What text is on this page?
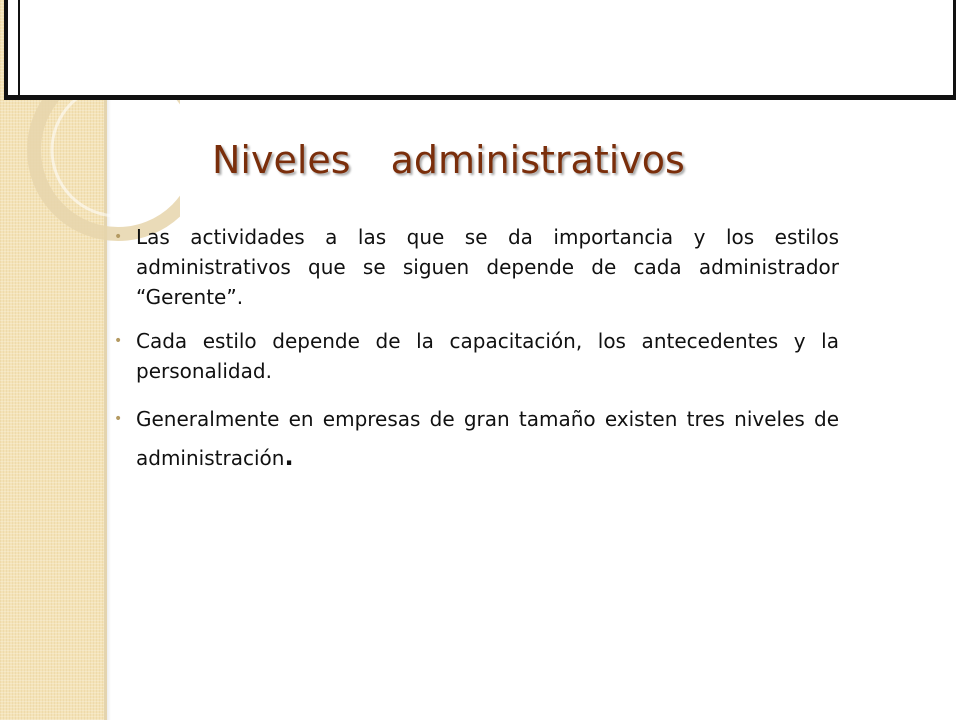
Niveles administrativos
• Las actividades a las que se da importancia y los estilos administrativos que se siguen depende de cada administrador “Gerente”.
• Cada estilo depende de la capacitación, los antecedentes y la personalidad.
• Generalmente en empresas de gran tamaño existen tres niveles de administración.
